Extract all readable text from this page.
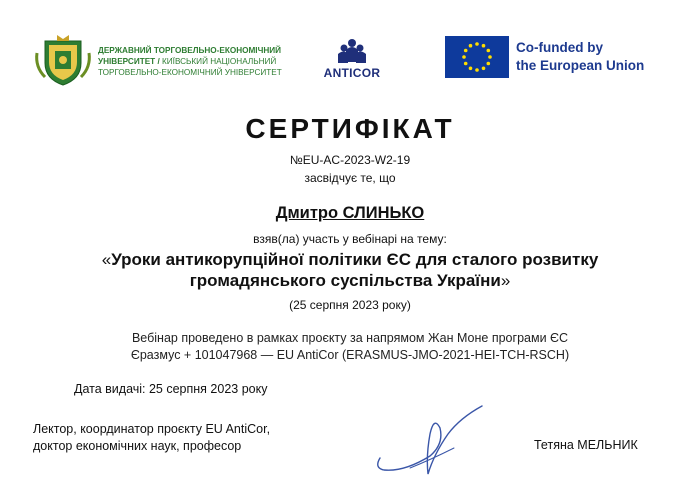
ДЕРЖАВНИЙ ТОРГОВЕЛЬНО-ЕКОНОМІЧНИЙ
УНІВЕРСИТЕТ / КИЇВСЬКИЙ НАЦІОНАЛЬНИЙ
ТОРГОВЕЛЬНО-ЕКОНОМІЧНИЙ УНІВЕРСИТЕТ	ANTICOR
Co-funded by
the European Union
СЕРТИФІКАТ
№EU-AC-2023-W2-19
засвідчує те, що
Дмитро СЛИНЬКО
взяв(ла) участь у вебінарі на тему:
«Уроки антикорупційної політики ЄС для сталого розвитку
громадянського суспільства України»
(25 серпня 2023 року)
Вебінар проведено в рамках проєкту за напрямом Жан Моне програми ЄС
Єразмус + 101047968 — EU AntiCor (ERASMUS-JMO-2021-HEI-TCH-RSCH)
Дата видачі: 25 серпня 2023 року
Лектор, координатор проєкту EU AntiCor,
доктор економічних наук, професор	Тетяна МЕЛЬНИК
